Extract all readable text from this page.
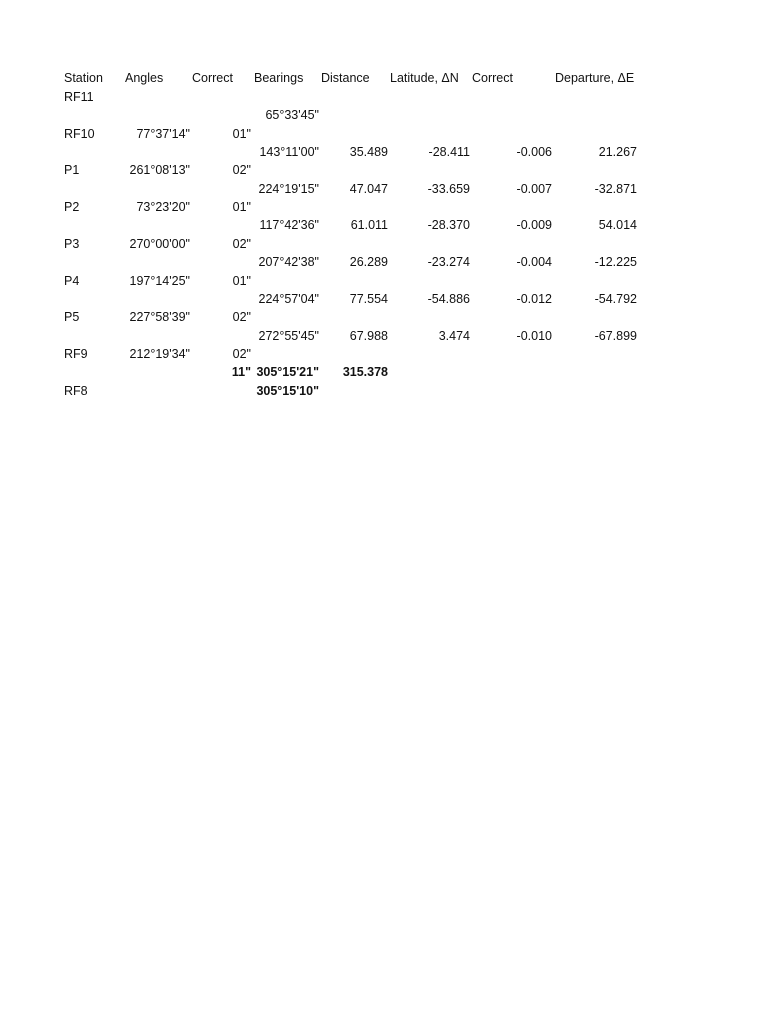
Station Angles Correct Bearings Distance Latitude, ΔN Correct	Departure, ΔE
RF11
65°33'45"
RF10	77°37'14"	01"
143°11'00"	35.489	-28.411	-0.006	21.267
P1	261°08'13"	02"
224°19'15"	47.047	-33.659	-0.007	-32.871
P2	73°23'20"	01"
117°42'36"	61.011	-28.370	-0.009	54.014
P3	270°00'00"	02"
207°42'38"	26.289	-23.274	-0.004	-12.225
P4	197°14'25"	01"
224°57'04"	77.554	-54.886	-0.012	-54.792
P5	227°58'39"	02"
272°55'45"	67.988	3.474	-0.010	-67.899
RF9	212°19'34"	02"
11" 305°15'21"	315.378
RF8	305°15'10"
